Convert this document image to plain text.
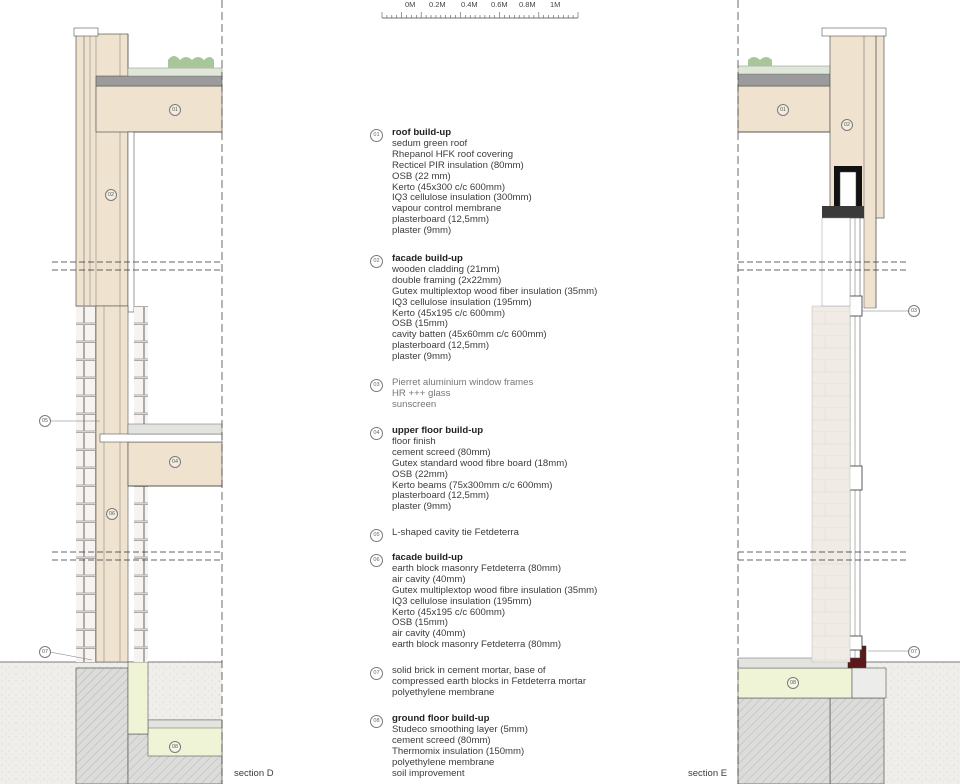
0M 0.2M 0.4M 0.6M 0.8M 1M
01
02
04
05
06
07
08
01
02
03
07
08
01	roof build-up
sedum green roof
Rhepanol HFK roof covering
Recticel PIR insulation (80mm)
OSB (22 mm)
Kerto (45x300 c/c 600mm)
IQ3 cellulose insulation (300mm)
vapour control membrane
plasterboard (12,5mm)
plaster (9mm)
02	facade build-up
wooden cladding (21mm)
double framing (2x22mm)
Gutex multiplextop wood fiber insulation (35mm)
IQ3 cellulose insulation (195mm)
Kerto (45x195 c/c 600mm)
OSB (15mm)
cavity batten (45x60mm c/c 600mm)
plasterboard (12,5mm)
plaster (9mm)
03	Pierret aluminium window frames
HR +++ glass
sunscreen
04	upper floor build-up
floor finish
cement screed (80mm)
Gutex standard wood fibre board (18mm)
OSB (22mm)
Kerto beams (75x300mm c/c 600mm)
plasterboard (12,5mm)
plaster (9mm)
05	L-shaped cavity tie Fetdeterra
06	facade build-up
earth block masonry Fetdeterra (80mm)
air cavity (40mm)
Gutex multiplextop wood fibre insulation (35mm)
IQ3 cellulose insulation (195mm)
Kerto (45x195 c/c 600mm)
OSB (15mm)
air cavity (40mm)
earth block masonry Fetdeterra (80mm)
07	solid brick in cement mortar, base of
compressed earth blocks in Fetdeterra mortar
polyethylene membrane
08	ground floor build-up
Studeco smoothing layer (5mm)
cement screed (80mm)
Thermomix insulation (150mm)
polyethylene membrane
soil improvement
section D	section E
